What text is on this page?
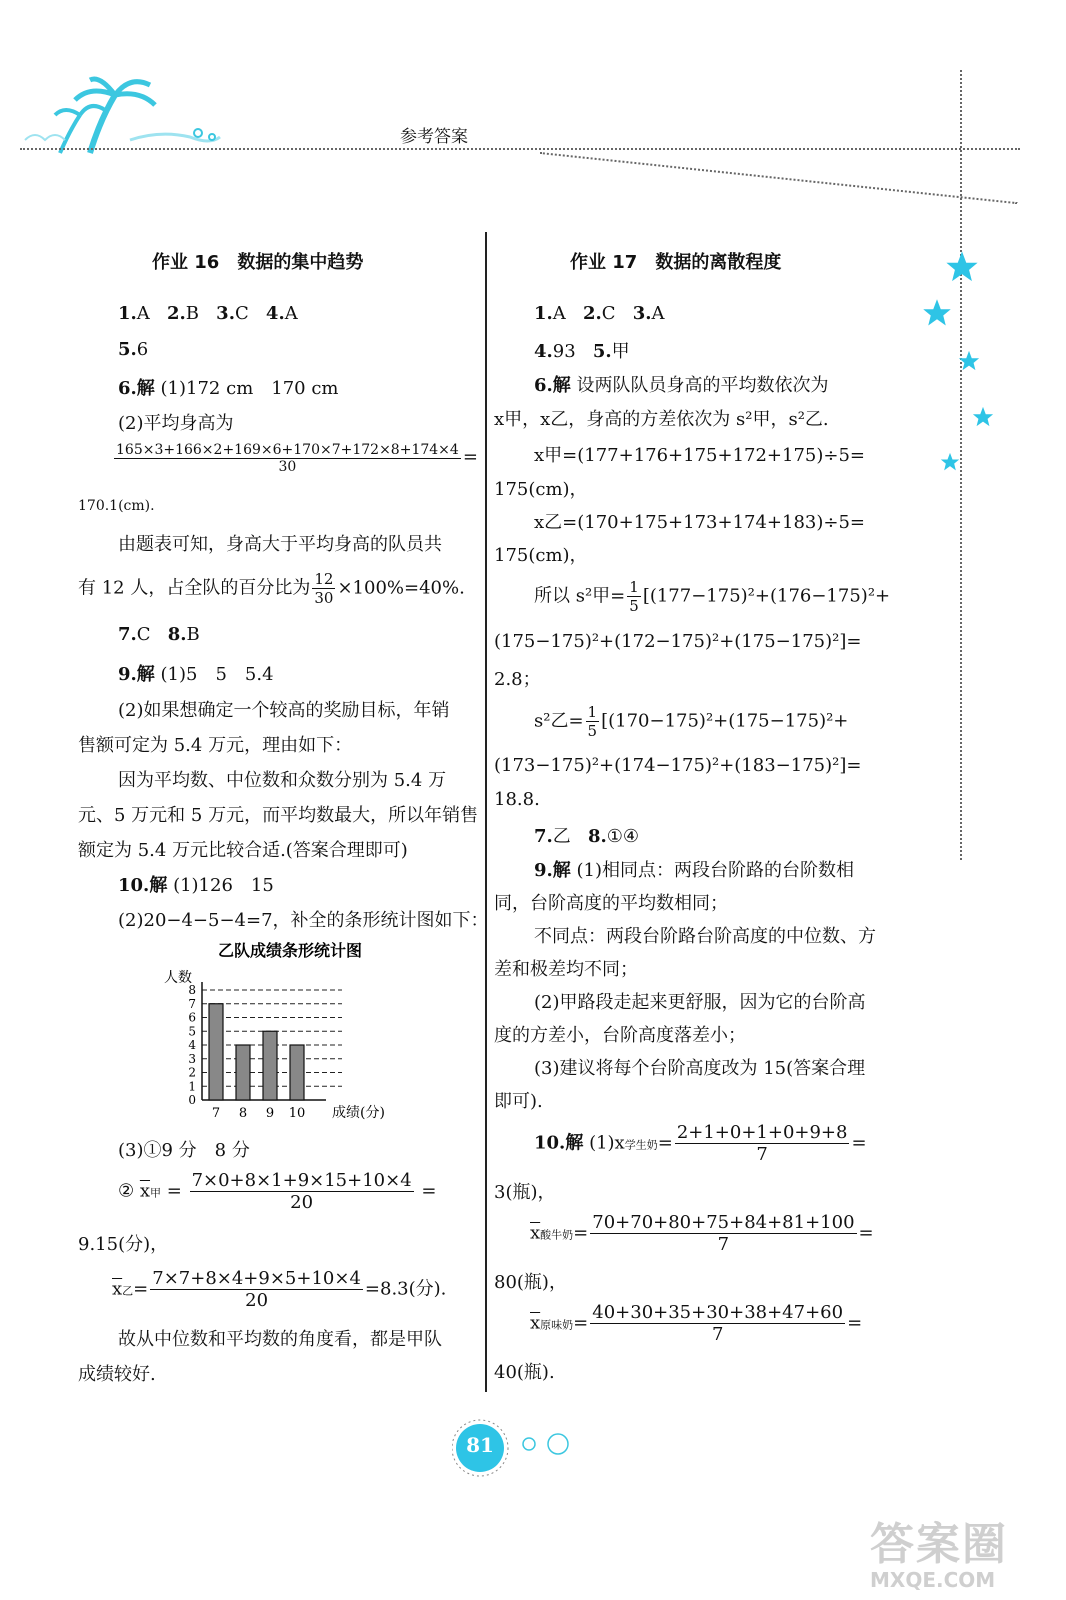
参考答案
作业 16　 数据的集中趋势
1.A 2.B 3.C 4.A
5.6
6.解 (1)172 cm　170 cm
(2)平均身高为
$\frac{165\times 3+166\times 2+169\times 6+170\times 7+172\times 8+174\times 4}{30}$ =
170.1(cm).
由题表可知，身高大于平均身高的队员共
有 12 人，占全队的百分比为 $\frac{12}{30} \times 100\%=40\%$.
7.C 8.B
9.解 (1)5　5　5.4
(2)如果想确定一个较高的奖励目标，年销
售额可定为 5.4 万元，理由如下：
因为平均数、中位数和众数分别为 5.4 万
元、5 万元和 5 万元，而平均数最大，所以年销售
额定为 5.4 万元比较合适.(答案合理即可)
10.解 (1)126　15
(2)20−4−5−4=7，补全的条形统计图如下：
乙队成绩条形统计图
人数
0
1
2
3
4
5
6
7
8
7 8 9 10 成绩(分)
(3)①9 分　8 分
② $\overline{x}$甲 = $\frac{7\times 0+8\times 1+9\times 15+10\times 4}{20}$ =
9.15(分)，
$\overline{x}$乙= $\frac{7\times 7+8\times 4+9\times 5+10\times 4}{20} =8.3$(分).
故从中位数和平均数的角度看，都是甲队
成绩较好.
作业 17　 数据的离散程度
1.A 2.C 3.A
4.93 5.甲
6.解 设两队队员身高的平均数依次为
x甲，x乙，身高的方差依次为 s²甲，s²乙.
x甲=(177+176+175+172+175)÷5=
175(cm)，
x乙=(170+175+173+174+183)÷5=
175(cm)，
所以 s²甲= $\frac{1}{5} [(177-175)^2+(176-175)^2+$
(175−175)²+(172−175)²+(175−175)²]=
2.8；
s²乙= $\frac{1}{5} [(170-175)^2+(175-175)^2+$
(173−175)²+(174−175)²+(183−175)²]=
18.8.
7.乙 8.①④
9.解 (1)相同点：两段台阶路的台阶数相
同，台阶高度的平均数相同；
不同点：两段台阶路台阶高度的中位数、方
差和极差均不同；
(2)甲路段走起来更舒服，因为它的台阶高
度的方差小，台阶高度落差小；
(3)建议将每个台阶高度改为 15(答案合理
即可).
10.解 (1)x学生奶= $\frac{2+1+0+1+0+9+8}{7}$ =
3(瓶)，
$\overline{x}$酸牛奶= $\frac{70+70+80+75+84+81+100}{7}$ =
80(瓶)，
$\overline{x}$原味奶= $\frac{40+30+35+30+38+47+60}{7}$ =
40(瓶).
81
答案圈
MXQE.COM
